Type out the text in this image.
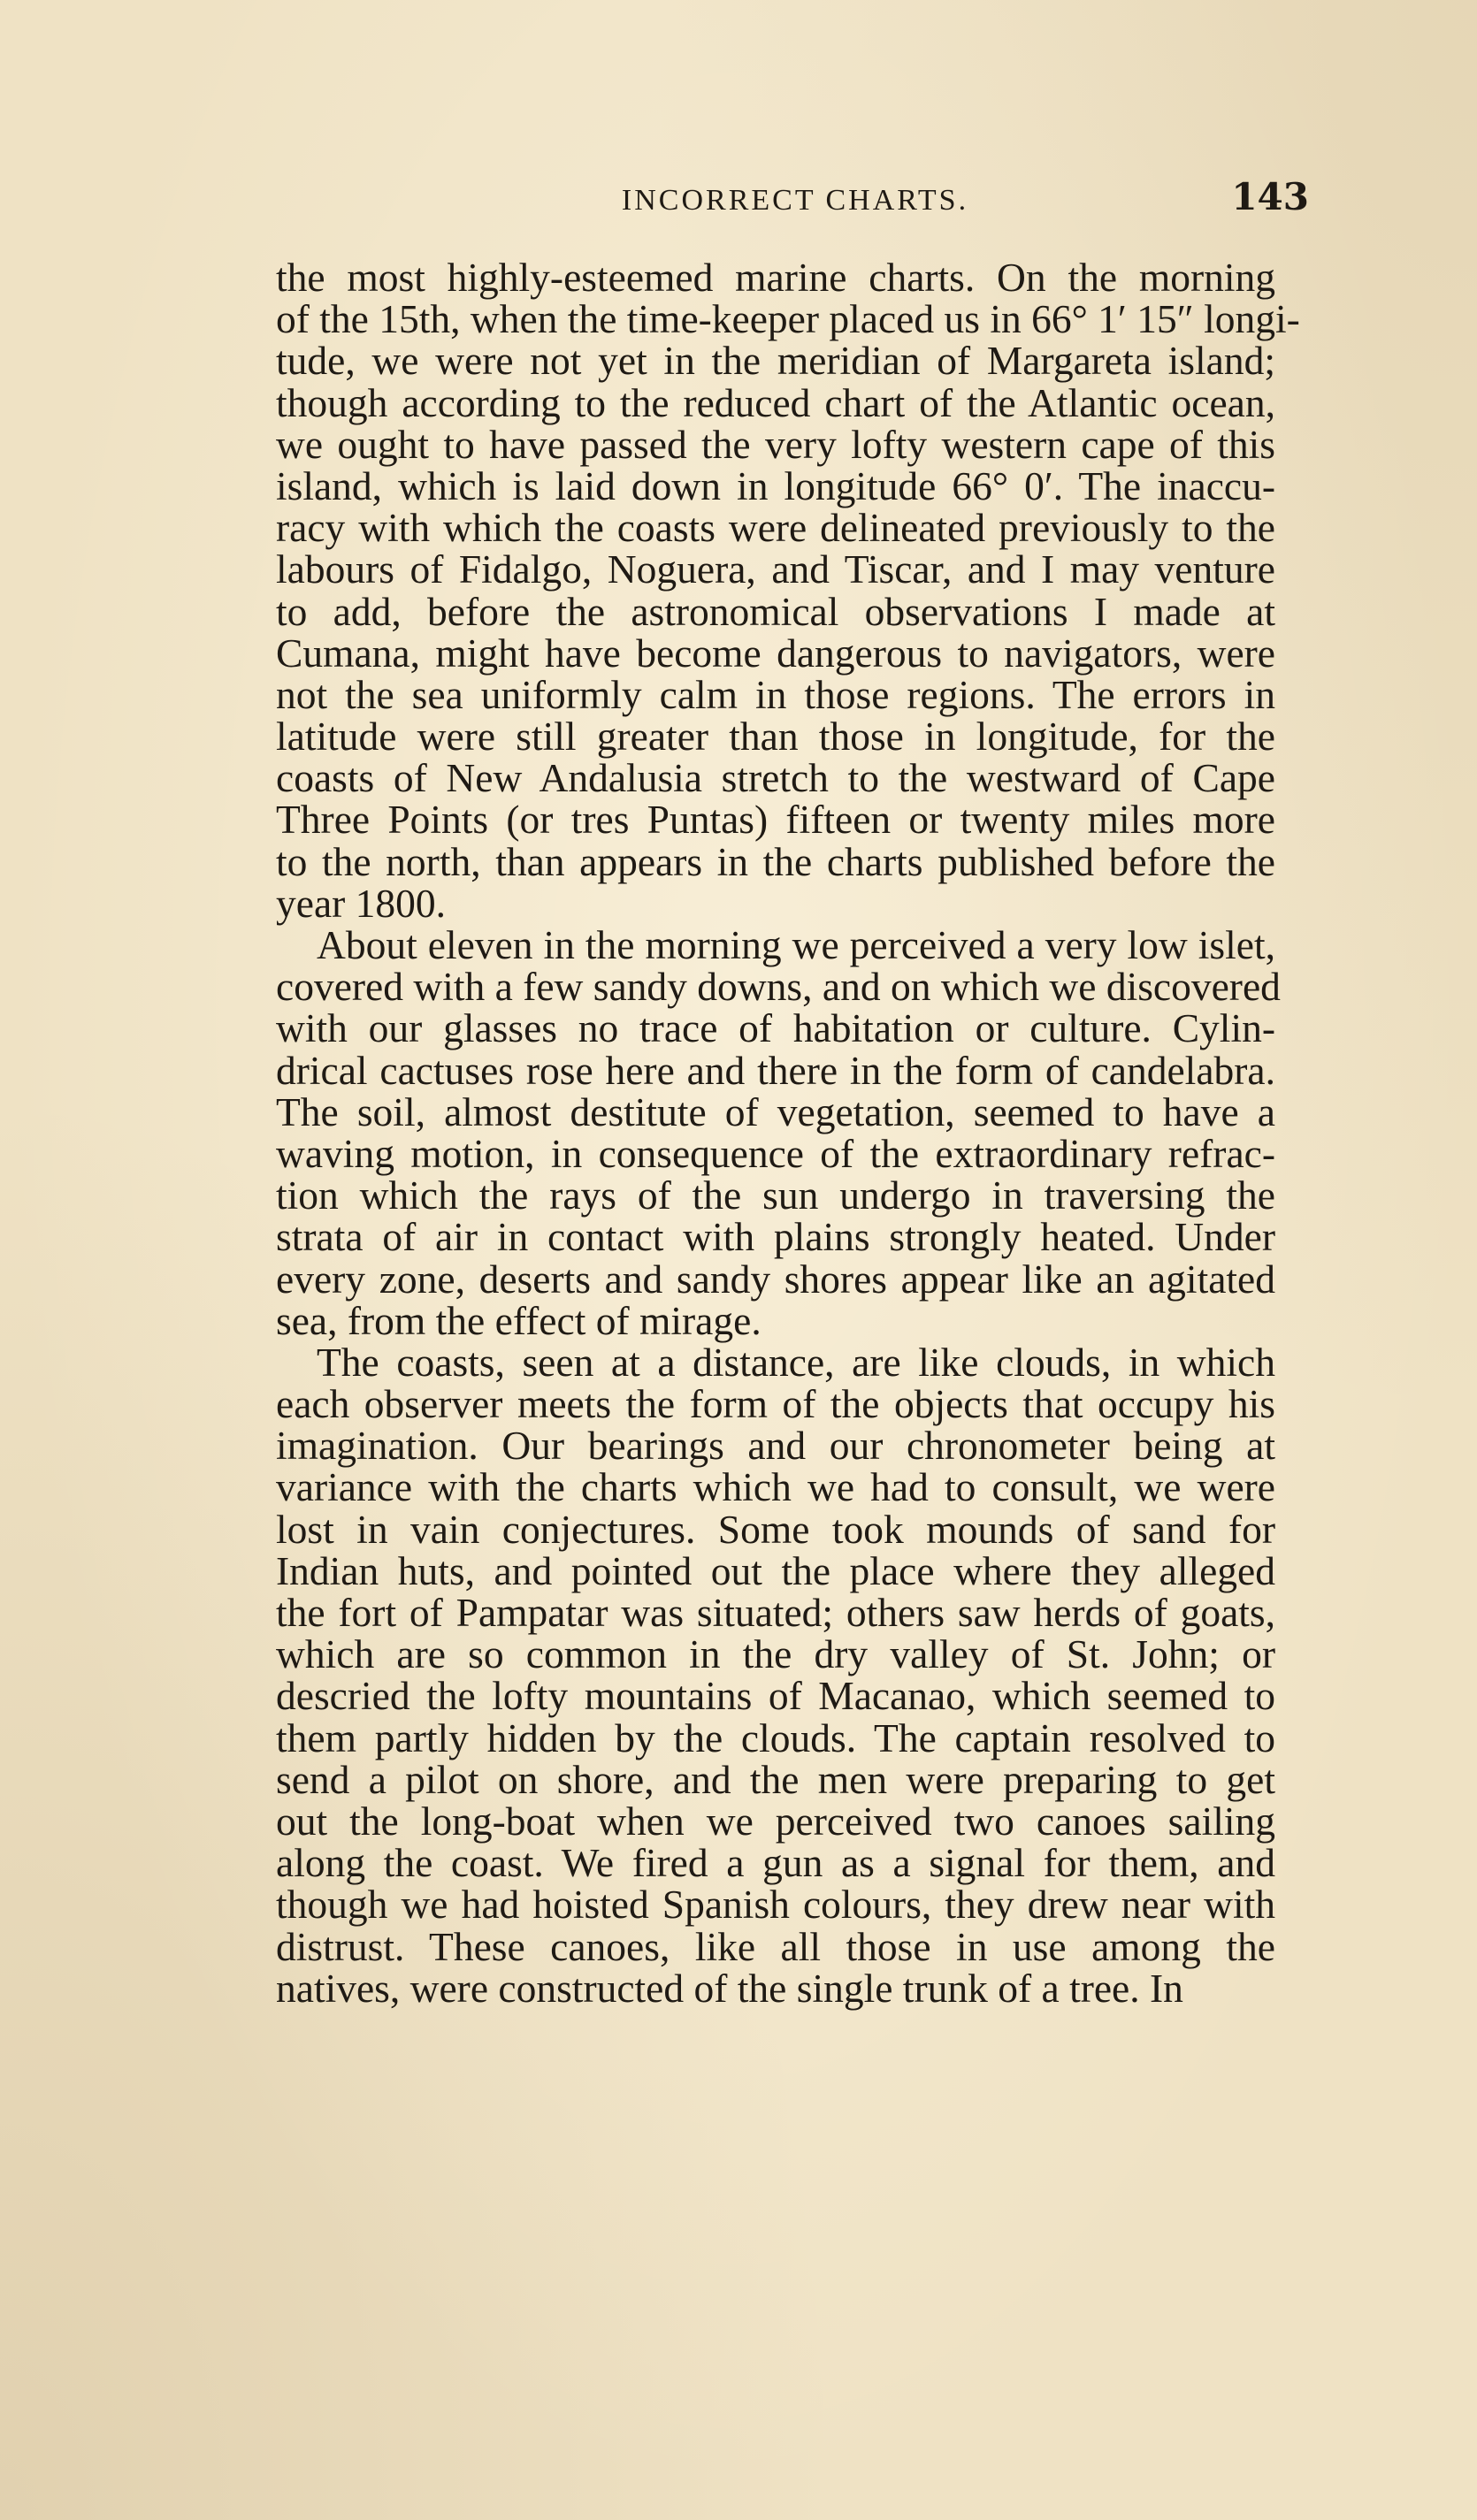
INCORRECT CHARTS.	143
the most highly-esteemed marine charts. On the morning
of the 15th, when the time-keeper placed us in 66° 1′ 15″ longi-
tude, we were not yet in the meridian of Margareta island;
though according to the reduced chart of the Atlantic ocean,
we ought to have passed the very lofty western cape of this
island, which is laid down in longitude 66° 0′. The inaccu-
racy with which the coasts were delineated previously to the
labours of Fidalgo, Noguera, and Tiscar, and I may venture
to add, before the astronomical observations I made at
Cumana, might have become dangerous to navigators, were
not the sea uniformly calm in those regions. The errors in
latitude were still greater than those in longitude, for the
coasts of New Andalusia stretch to the westward of Cape
Three Points (or tres Puntas) fifteen or twenty miles more
to the north, than appears in the charts published before the
year 1800.
About eleven in the morning we perceived a very low islet,
covered with a few sandy downs, and on which we discovered
with our glasses no trace of habitation or culture. Cylin-
drical cactuses rose here and there in the form of candelabra.
The soil, almost destitute of vegetation, seemed to have a
waving motion, in consequence of the extraordinary refrac-
tion which the rays of the sun undergo in traversing the
strata of air in contact with plains strongly heated. Under
every zone, deserts and sandy shores appear like an agitated
sea, from the effect of mirage.
The coasts, seen at a distance, are like clouds, in which
each observer meets the form of the objects that occupy his
imagination. Our bearings and our chronometer being at
variance with the charts which we had to consult, we were
lost in vain conjectures. Some took mounds of sand for
Indian huts, and pointed out the place where they alleged
the fort of Pampatar was situated; others saw herds of goats,
which are so common in the dry valley of St. John; or
descried the lofty mountains of Macanao, which seemed to
them partly hidden by the clouds. The captain resolved to
send a pilot on shore, and the men were preparing to get
out the long-boat when we perceived two canoes sailing
along the coast. We fired a gun as a signal for them, and
though we had hoisted Spanish colours, they drew near with
distrust. These canoes, like all those in use among the
natives, were constructed of the single trunk of a tree. In
